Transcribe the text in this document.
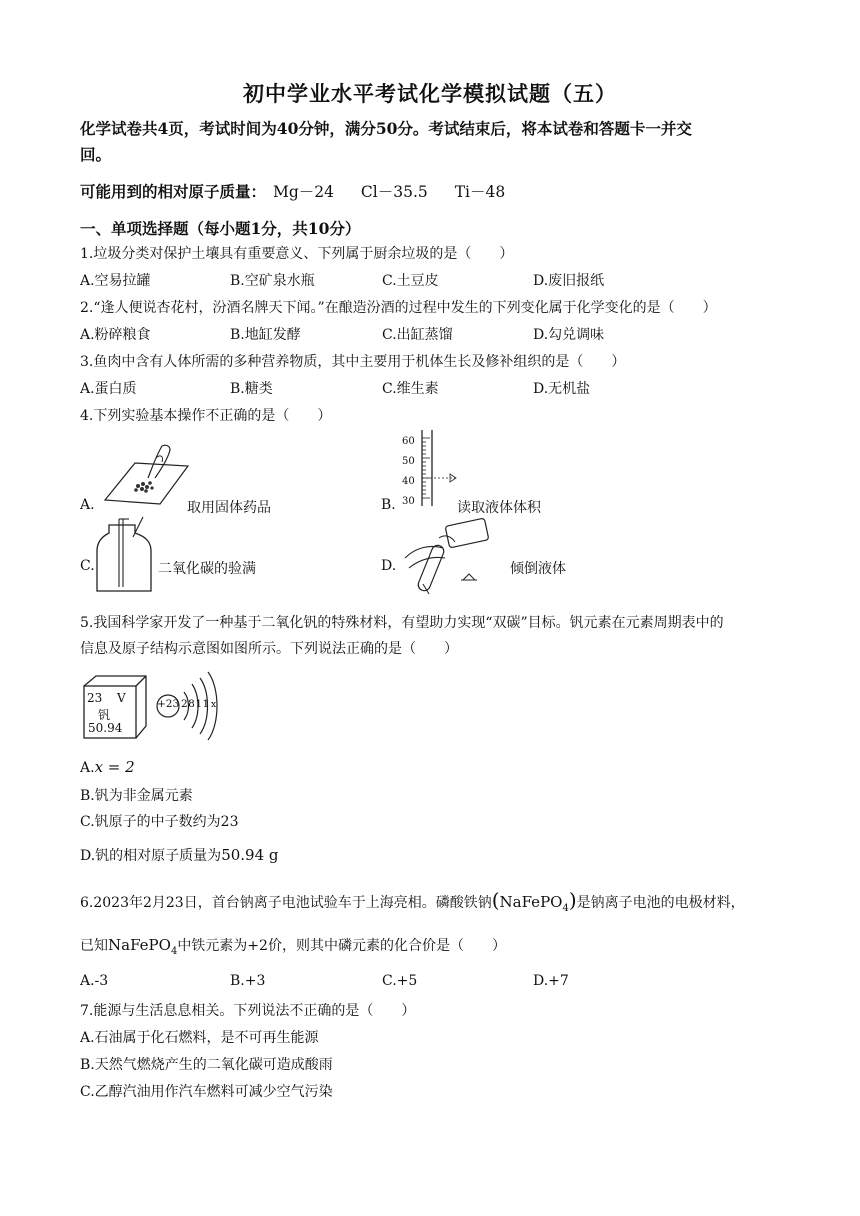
初中学业水平考试化学模拟试题（五）
化学试卷共4页，考试时间为40分钟，满分50分。考试结束后，将本试卷和答题卡一并交
回。
可能用到的相对原子质量： Mg－24 Cl－35.5 Ti－48
一、单项选择题（每小题1分，共10分）
1.垃圾分类对保护土壤具有重要意义、下列属于厨余垃圾的是（　　）
A.空易拉罐	B.空矿泉水瓶	C.土豆皮	D.废旧报纸
2.“逢人便说杏花村，汾酒名牌天下闻。”在酿造汾酒的过程中发生的下列变化属于化学变化的是（　　）
A.粉碎粮食	B.地缸发酵	C.出缸蒸馏	D.勾兑调味
3.鱼肉中含有人体所需的多种营养物质，其中主要用于机体生长及修补组织的是（　　）
A.蛋白质	B.糖类	C.维生素	D.无机盐
4.下列实验基本操作不正确的是（　　）
A.	取用固体药品
60
50
40
30
B.	读取液体体积
C.	二氧化碳的验满	D.	倾倒液体
5.我国科学家开发了一种基于二氧化钒的特殊材料，有望助力实现“双碳”目标。钒元素在元素周期表中的
信息及原子结构示意图如图所示。下列说法正确的是（　　）
23 V
钒
50.94
+23 2811 x
A.x = 2
B.钒为非金属元素
C.钒原子的中子数约为23
D.钒的相对原子质量为50.94 g
6.2023年2月23日，首台钠离子电池试验车于上海亮相。磷酸铁钠(NaFePO$_4$)是钠离子电池的电极材料，
已知NaFePO$_4$中铁元素为+2价，则其中磷元素的化合价是（　　）
A.-3	B.+3	C.+5	D.+7
7.能源与生活息息相关。下列说法不正确的是（　　）
A.石油属于化石燃料，是不可再生能源
B.天然气燃烧产生的二氧化碳可造成酸雨
C.乙醇汽油用作汽车燃料可减少空气污染
